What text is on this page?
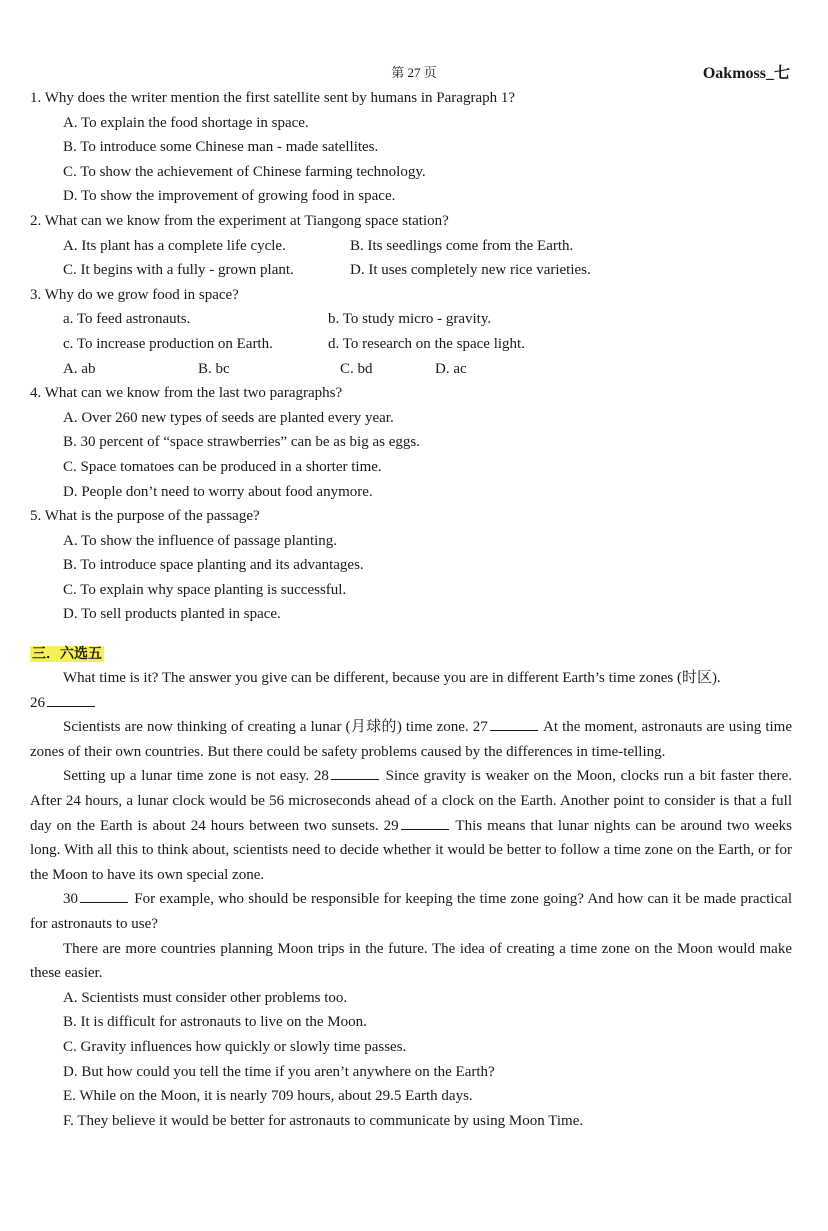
第 27 页	Oakmoss_七
1. Why does the writer mention the first satellite sent by humans in Paragraph 1?
A. To explain the food shortage in space.
B. To introduce some Chinese man - made satellites.
C. To show the achievement of Chinese farming technology.
D. To show the improvement of growing food in space.
2. What can we know from the experiment at Tiangong space station?
A. Its plant has a complete life cycle.	B. Its seedlings come from the Earth.
C. It begins with a fully - grown plant.	D. It uses completely new rice varieties.
3. Why do we grow food in space?
a. To feed astronauts.	b. To study micro - gravity.
c. To increase production on Earth.	d. To research on the space light.
A. ab	B. bc	C. bd	D. ac
4. What can we know from the last two paragraphs?
A. Over 260 new types of seeds are planted every year.
B. 30 percent of “space strawberries” can be as big as eggs.
C. Space tomatoes can be produced in a shorter time.
D. People don’t need to worry about food anymore.
5. What is the purpose of the passage?
A. To show the influence of passage planting.
B. To introduce space planting and its advantages.
C. To explain why space planting is successful.
D. To sell products planted in space.
三．六选五
What time is it? The answer you give can be different, because you are in different Earth’s time zones (时区).
26
Scientists are now thinking of creating a lunar (月球的) time zone. 27	At the moment, astronauts are using time zones of their own countries. But there could be safety problems caused by the differences in time-telling.
Setting up a lunar time zone is not easy. 28	Since gravity is weaker on the Moon, clocks run a bit faster there. After 24 hours, a lunar clock would be 56 microseconds ahead of a clock on the Earth. Another point to consider is that a full day on the Earth is about 24 hours between two sunsets. 29	This means that lunar nights can be around two weeks long. With all this to think about, scientists need to decide whether it would be better to follow a time zone on the Earth, or for the Moon to have its own special zone.
30	For example, who should be responsible for keeping the time zone going? And how can it be made practical for astronauts to use?
There are more countries planning Moon trips in the future. The idea of creating a time zone on the Moon would make these easier.
A. Scientists must consider other problems too.
B. It is difficult for astronauts to live on the Moon.
C. Gravity influences how quickly or slowly time passes.
D. But how could you tell the time if you aren’t anywhere on the Earth?
E. While on the Moon, it is nearly 709 hours, about 29.5 Earth days.
F. They believe it would be better for astronauts to communicate by using Moon Time.
